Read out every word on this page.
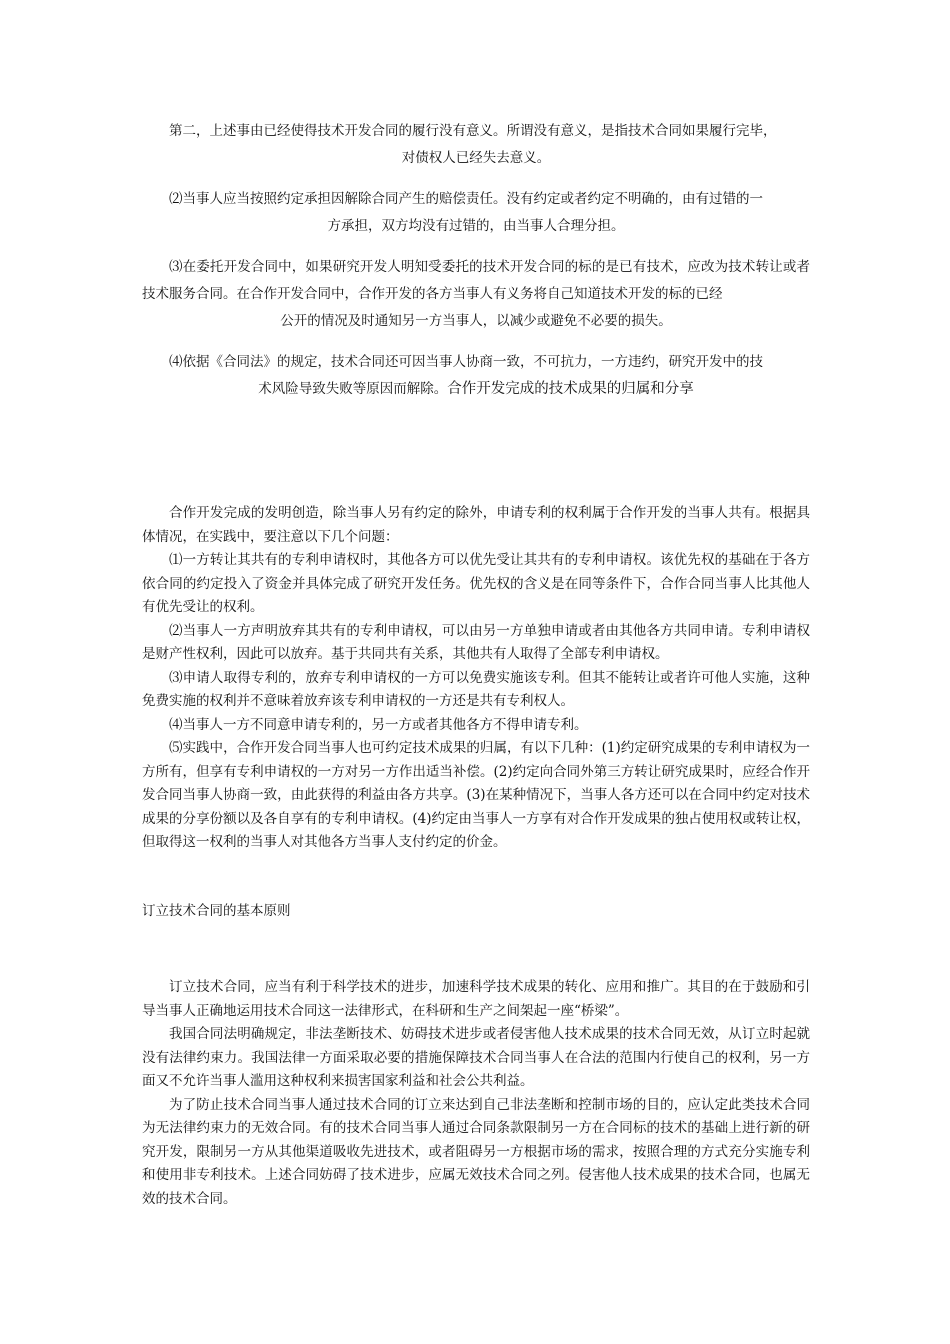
第二，上述事由已经使得技术开发合同的履行没有意义。所谓没有意义，是指技术合同如果履行完毕，
对债权人已经失去意义。

⑵当事人应当按照约定承担因解除合同产生的赔偿责任。没有约定或者约定不明确的，由有过错的一
方承担，双方均没有过错的，由当事人合理分担。

⑶在委托开发合同中，如果研究开发人明知受委托的技术开发合同的标的是已有技术，应改为技术转让或者技术服务合同。在合作开发合同中，合作开发的各方当事人有义务将自己知道技术开发的标的已经
公开的情况及时通知另一方当事人，以减少或避免不必要的损失。

⑷依据《合同法》的规定，技术合同还可因当事人协商一致，不可抗力，一方违约，研究开发中的技
术风险导致失败等原因而解除。合作开发完成的技术成果的归属和分享

合作开发完成的发明创造，除当事人另有约定的除外，申请专利的权利属于合作开发的当事人共有。根据具体情况，在实践中，要注意以下几个问题：

⑴一方转让其共有的专利申请权时，其他各方可以优先受让其共有的专利申请权。该优先权的基础在于各方依合同的约定投入了资金并具体完成了研究开发任务。优先权的含义是在同等条件下，合作合同当事人比其他人有优先受让的权利。

⑵当事人一方声明放弃其共有的专利申请权，可以由另一方单独申请或者由其他各方共同申请。专利申请权是财产性权利，因此可以放弃。基于共同共有关系，其他共有人取得了全部专利申请权。

⑶申请人取得专利的，放弃专利申请权的一方可以免费实施该专利。但其不能转让或者许可他人实施，这种免费实施的权利并不意味着放弃该专利申请权的一方还是共有专利权人。

⑷当事人一方不同意申请专利的，另一方或者其他各方不得申请专利。

⑸实践中，合作开发合同当事人也可约定技术成果的归属，有以下几种：(1)约定研究成果的专利申请权为一方所有，但享有专利申请权的一方对另一方作出适当补偿。(2)约定向合同外第三方转让研究成果时，应经合作开发合同当事人协商一致，由此获得的利益由各方共享。(3)在某种情况下，当事人各方还可以在合同中约定对技术成果的分享份额以及各自享有的专利申请权。(4)约定由当事人一方享有对合作开发成果的独占使用权或转让权，但取得这一权利的当事人对其他各方当事人支付约定的价金。

订立技术合同的基本原则

订立技术合同，应当有利于科学技术的进步，加速科学技术成果的转化、应用和推广。其目的在于鼓励和引导当事人正确地运用技术合同这一法律形式，在科研和生产之间架起一座“桥梁”。

我国合同法明确规定，非法垄断技术、妨碍技术进步或者侵害他人技术成果的技术合同无效，从订立时起就没有法律约束力。我国法律一方面采取必要的措施保障技术合同当事人在合法的范围内行使自己的权利，另一方面又不允许当事人滥用这种权利来损害国家利益和社会公共利益。

为了防止技术合同当事人通过技术合同的订立来达到自己非法垄断和控制市场的目的，应认定此类技术合同为无法律约束力的无效合同。有的技术合同当事人通过合同条款限制另一方在合同标的技术的基础上进行新的研究开发，限制另一方从其他渠道吸收先进技术，或者阻碍另一方根据市场的需求，按照合理的方式充分实施专利和使用非专利技术。上述合同妨碍了技术进步，应属无效技术合同之列。侵害他人技术成果的技术合同，也属无效的技术合同。
